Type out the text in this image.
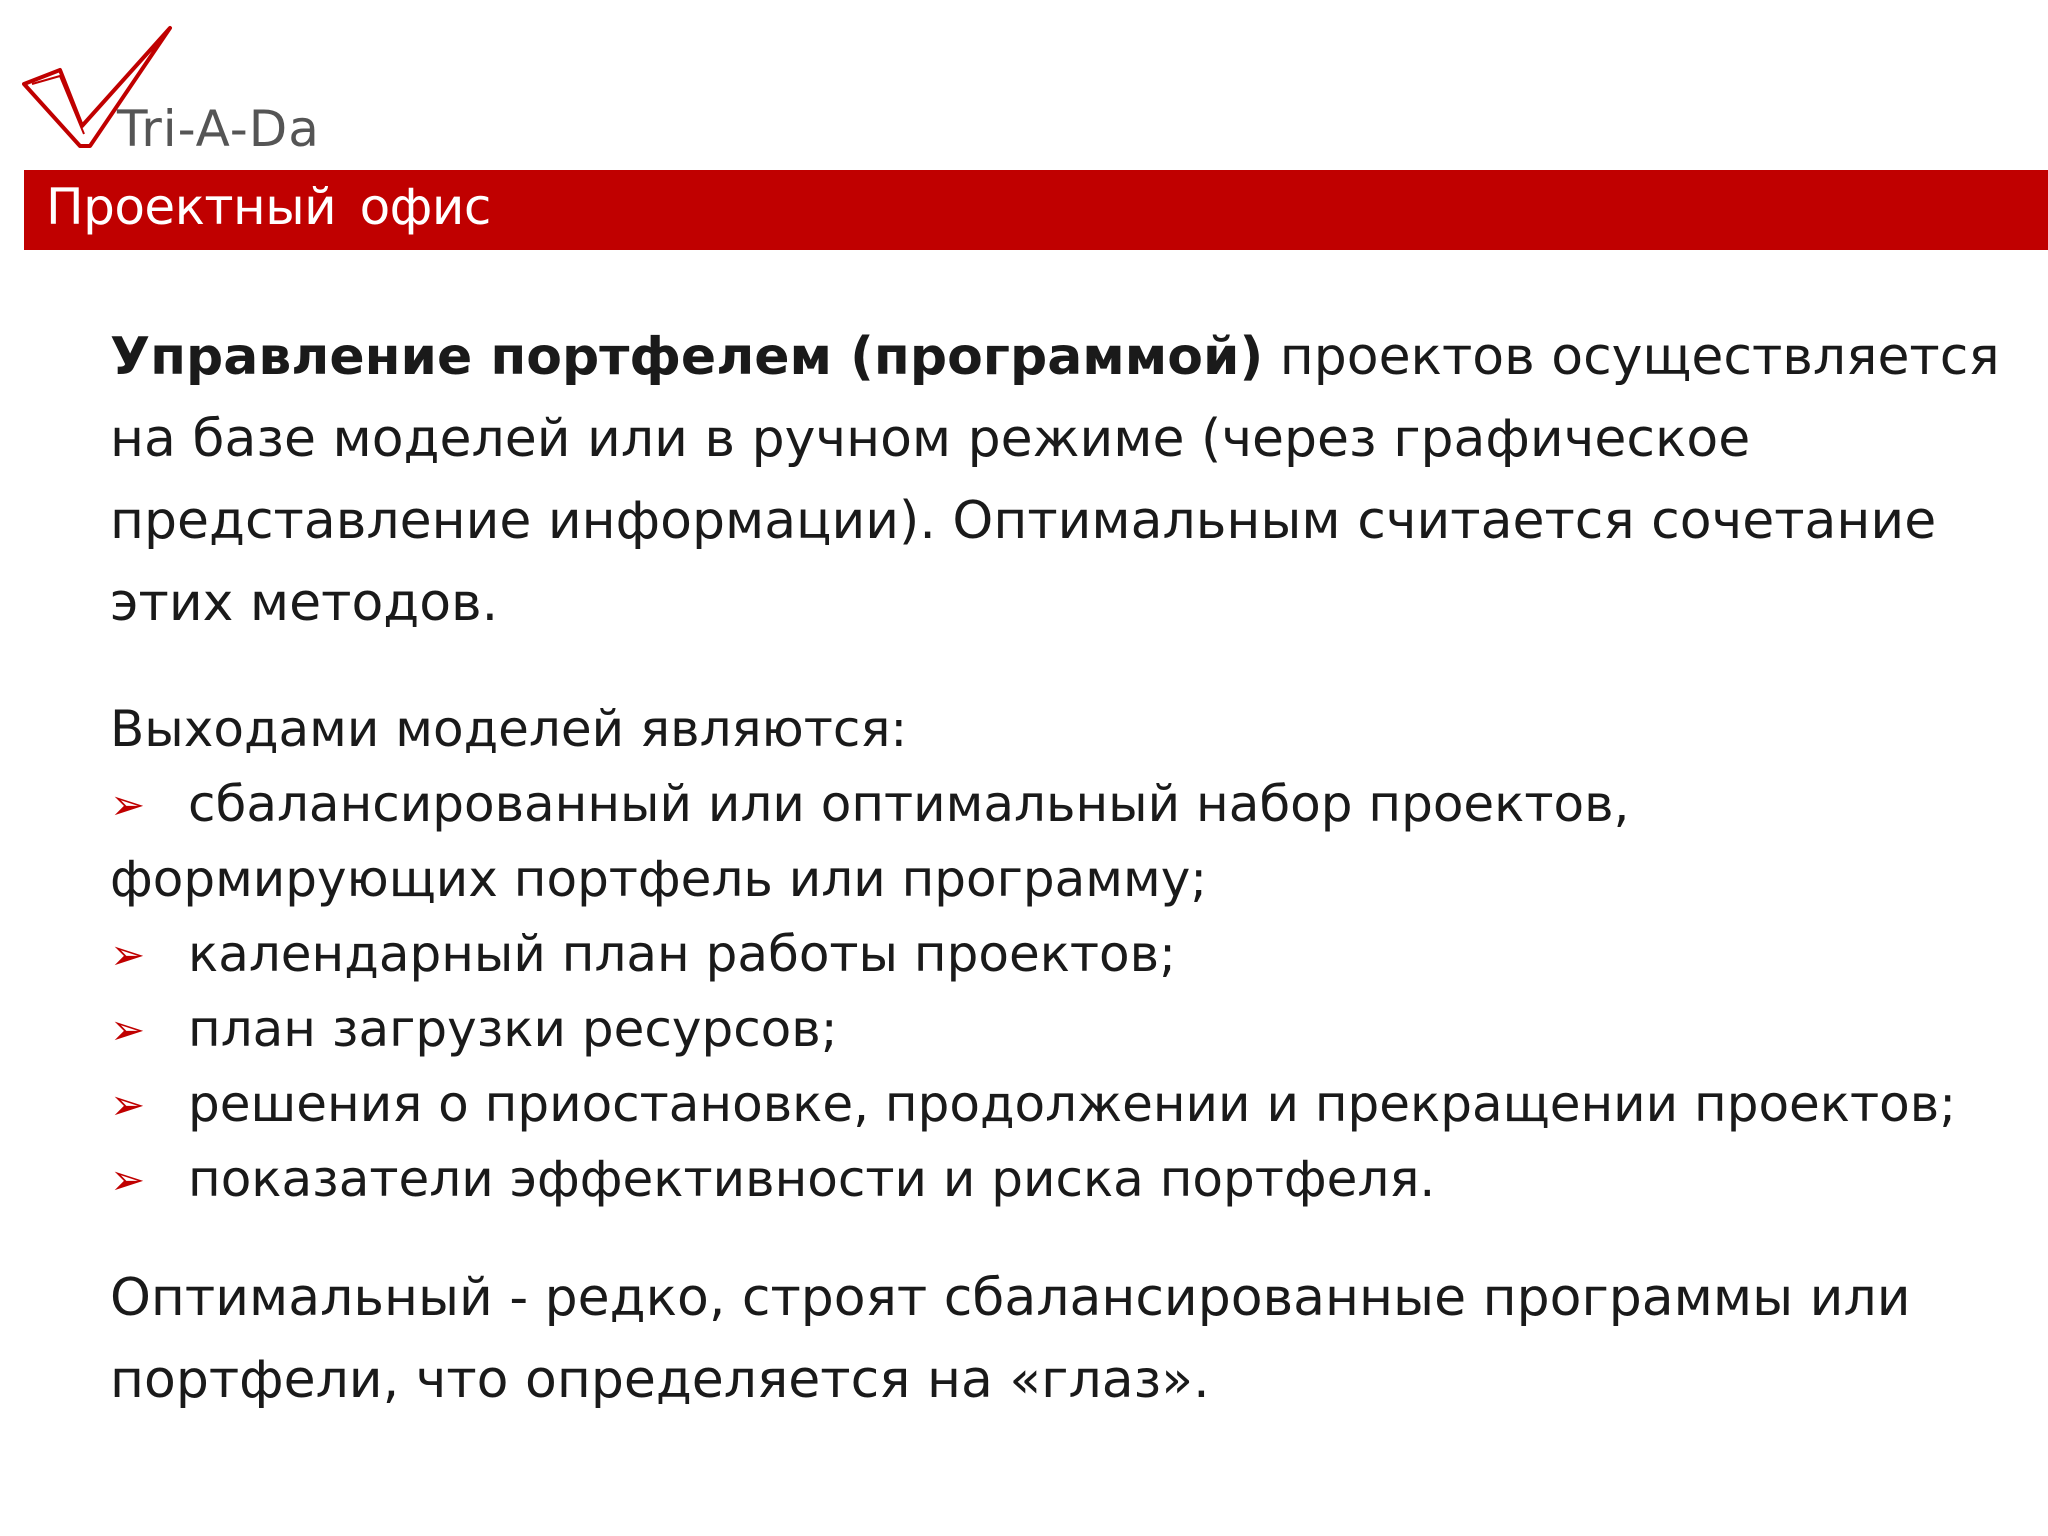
Tri-A-Da
Проектный офис

Управление портфелем (программой) проектов осуществляется на базе моделей или в ручном режиме (через графическое представление информации). Оптимальным считается сочетание этих методов.

Выходами моделей являются:

➢ сбалансированный или оптимальный набор проектов,

формирующих портфель или программу;

➢ календарный план работы проектов;

➢ план загрузки ресурсов;

➢ решения о приостановке, продолжении и прекращении проектов;

➢ показатели эффективности и риска портфеля.

Оптимальный - редко, строят сбалансированные программы или портфели, что определяется на «глаз».
